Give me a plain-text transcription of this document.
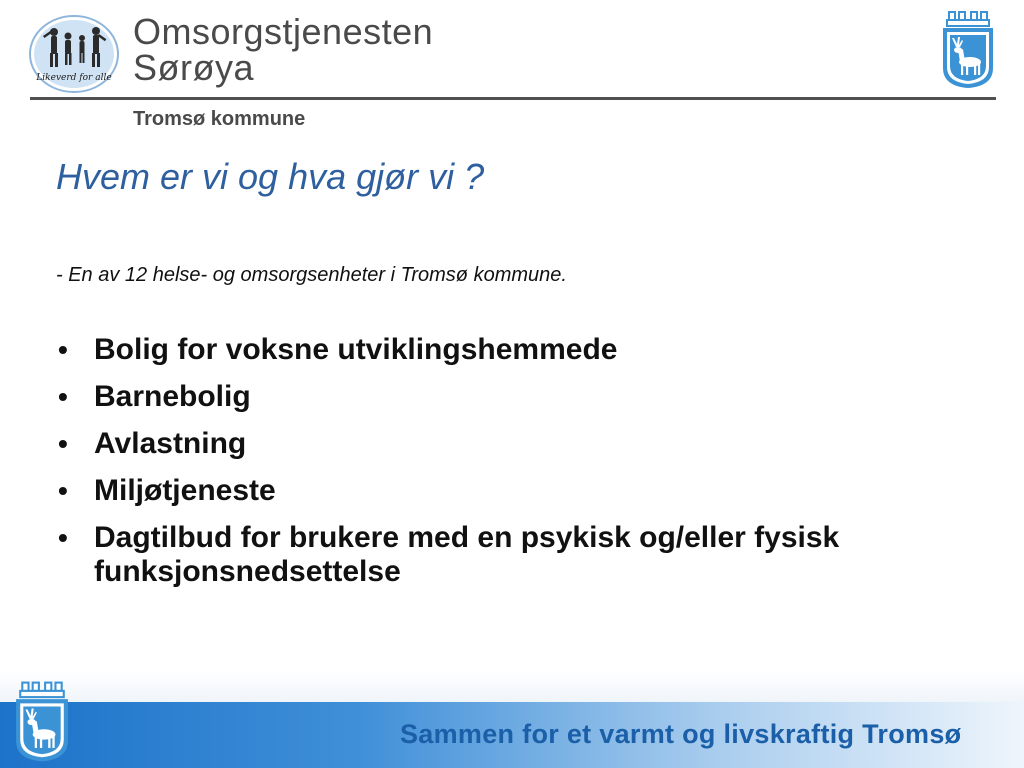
Likeverd for alle
Omsorgstjenesten
Sørøya
Tromsø kommune
Hvem er vi og hva gjør vi ?
- En av 12 helse- og omsorgsenheter i Tromsø kommune.
• Bolig for voksne utviklingshemmede
• Barnebolig
• Avlastning
• Miljøtjeneste
• Dagtilbud for brukere med en psykisk og/eller fysisk funksjonsnedsettelse
Sammen for et varmt og livskraftig Tromsø
